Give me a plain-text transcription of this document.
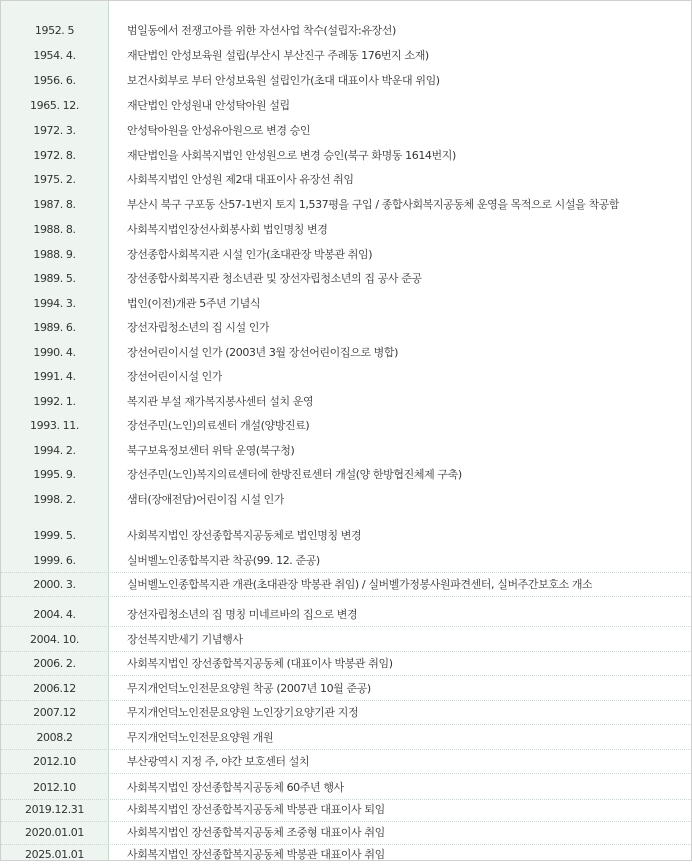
1952. 5	범일동에서 전쟁고아를 위한 자선사업 착수(설립자:유장선)
1954. 4.	재단법인 안성보육원 설립(부산시 부산진구 주례동 176번지 소재)
1956. 6.	보건사회부로 부터 안성보육원 설립인가(초대 대표이사 박운대 위임)
1965. 12.	재단법인 안성원내 안성탁아원 설립
1972. 3.	안성탁아원을 안성유아원으로 변경 승인
1972. 8.	재단법인을 사회복지법인 안성원으로 변경 승인(북구 화명동 1614번지)
1975. 2.	사회복지법인 안성원 제2대 대표이사 유장선 취임
1987. 8.	부산시 북구 구포동 산57-1번지 토지 1,537평을 구입 / 종합사회복지공동체 운영을 목적으로 시설을 착공함
1988. 8.	사회복지법인장선사회봉사회 법인명칭 변경
1988. 9.	장선종합사회복지관 시설 인가(초대관장 박봉관 취임)
1989. 5.	장선종합사회복지관 청소년관 및 장선자립청소년의 집 공사 준공
1994. 3.	법인(이전)개관 5주년 기념식
1989. 6.	장선자립청소년의 집 시설 인가
1990. 4.	장선어린이시설 인가 (2003년 3월 장선어린이집으로 병합)
1991. 4.	장선어린이시설 인가
1992. 1.	복지관 부설 재가복지봉사센터 설치 운영
1993. 11.	장선주민(노인)의료센터 개설(양방진료)
1994. 2.	북구보육정보센터 위탁 운영(북구청)
1995. 9.	장선주민(노인)복지의료센터에 한방진료센터 개설(양 한방협진체제 구축)
1998. 2.	샘터(장애전담)어린이집 시설 인가
1999. 5.	사회복지법인 장선종합복지공동체로 법인명칭 변경
1999. 6.	실버벨노인종합복지관 착공(99. 12. 준공)
2000. 3.	실버벨노인종합복지관 개관(초대관장 박봉관 취임) / 실버벨가정봉사원파견센터, 실버주간보호소 개소
2004. 4.	장선자립청소년의 집 명칭 미네르바의 집으로 변경
2004. 10.	장선복지반세기 기념행사
2006. 2.	사회복지법인 장선종합복지공동체 (대표이사 박봉관 취임)
2006.12	무지개언덕노인전문요양원 착공 (2007년 10월 준공)
2007.12	무지개언덕노인전문요양원 노인장기요양기관 지정
2008.2	무지개언덕노인전문요양원 개원
2012.10	부산광역시 지정 주, 야간 보호센터 설치
2012.10	사회복지법인 장선종합복지공동체 60주년 행사
2019.12.31	사회복지법인 장선종합복지공동체 박봉관 대표이사 퇴임
2020.01.01	사회복지법인 장선종합복지공동체 조중형 대표이사 취임
2025.01.01	사회복지법인 장선종합복지공동체 박봉관 대표이사 취임
